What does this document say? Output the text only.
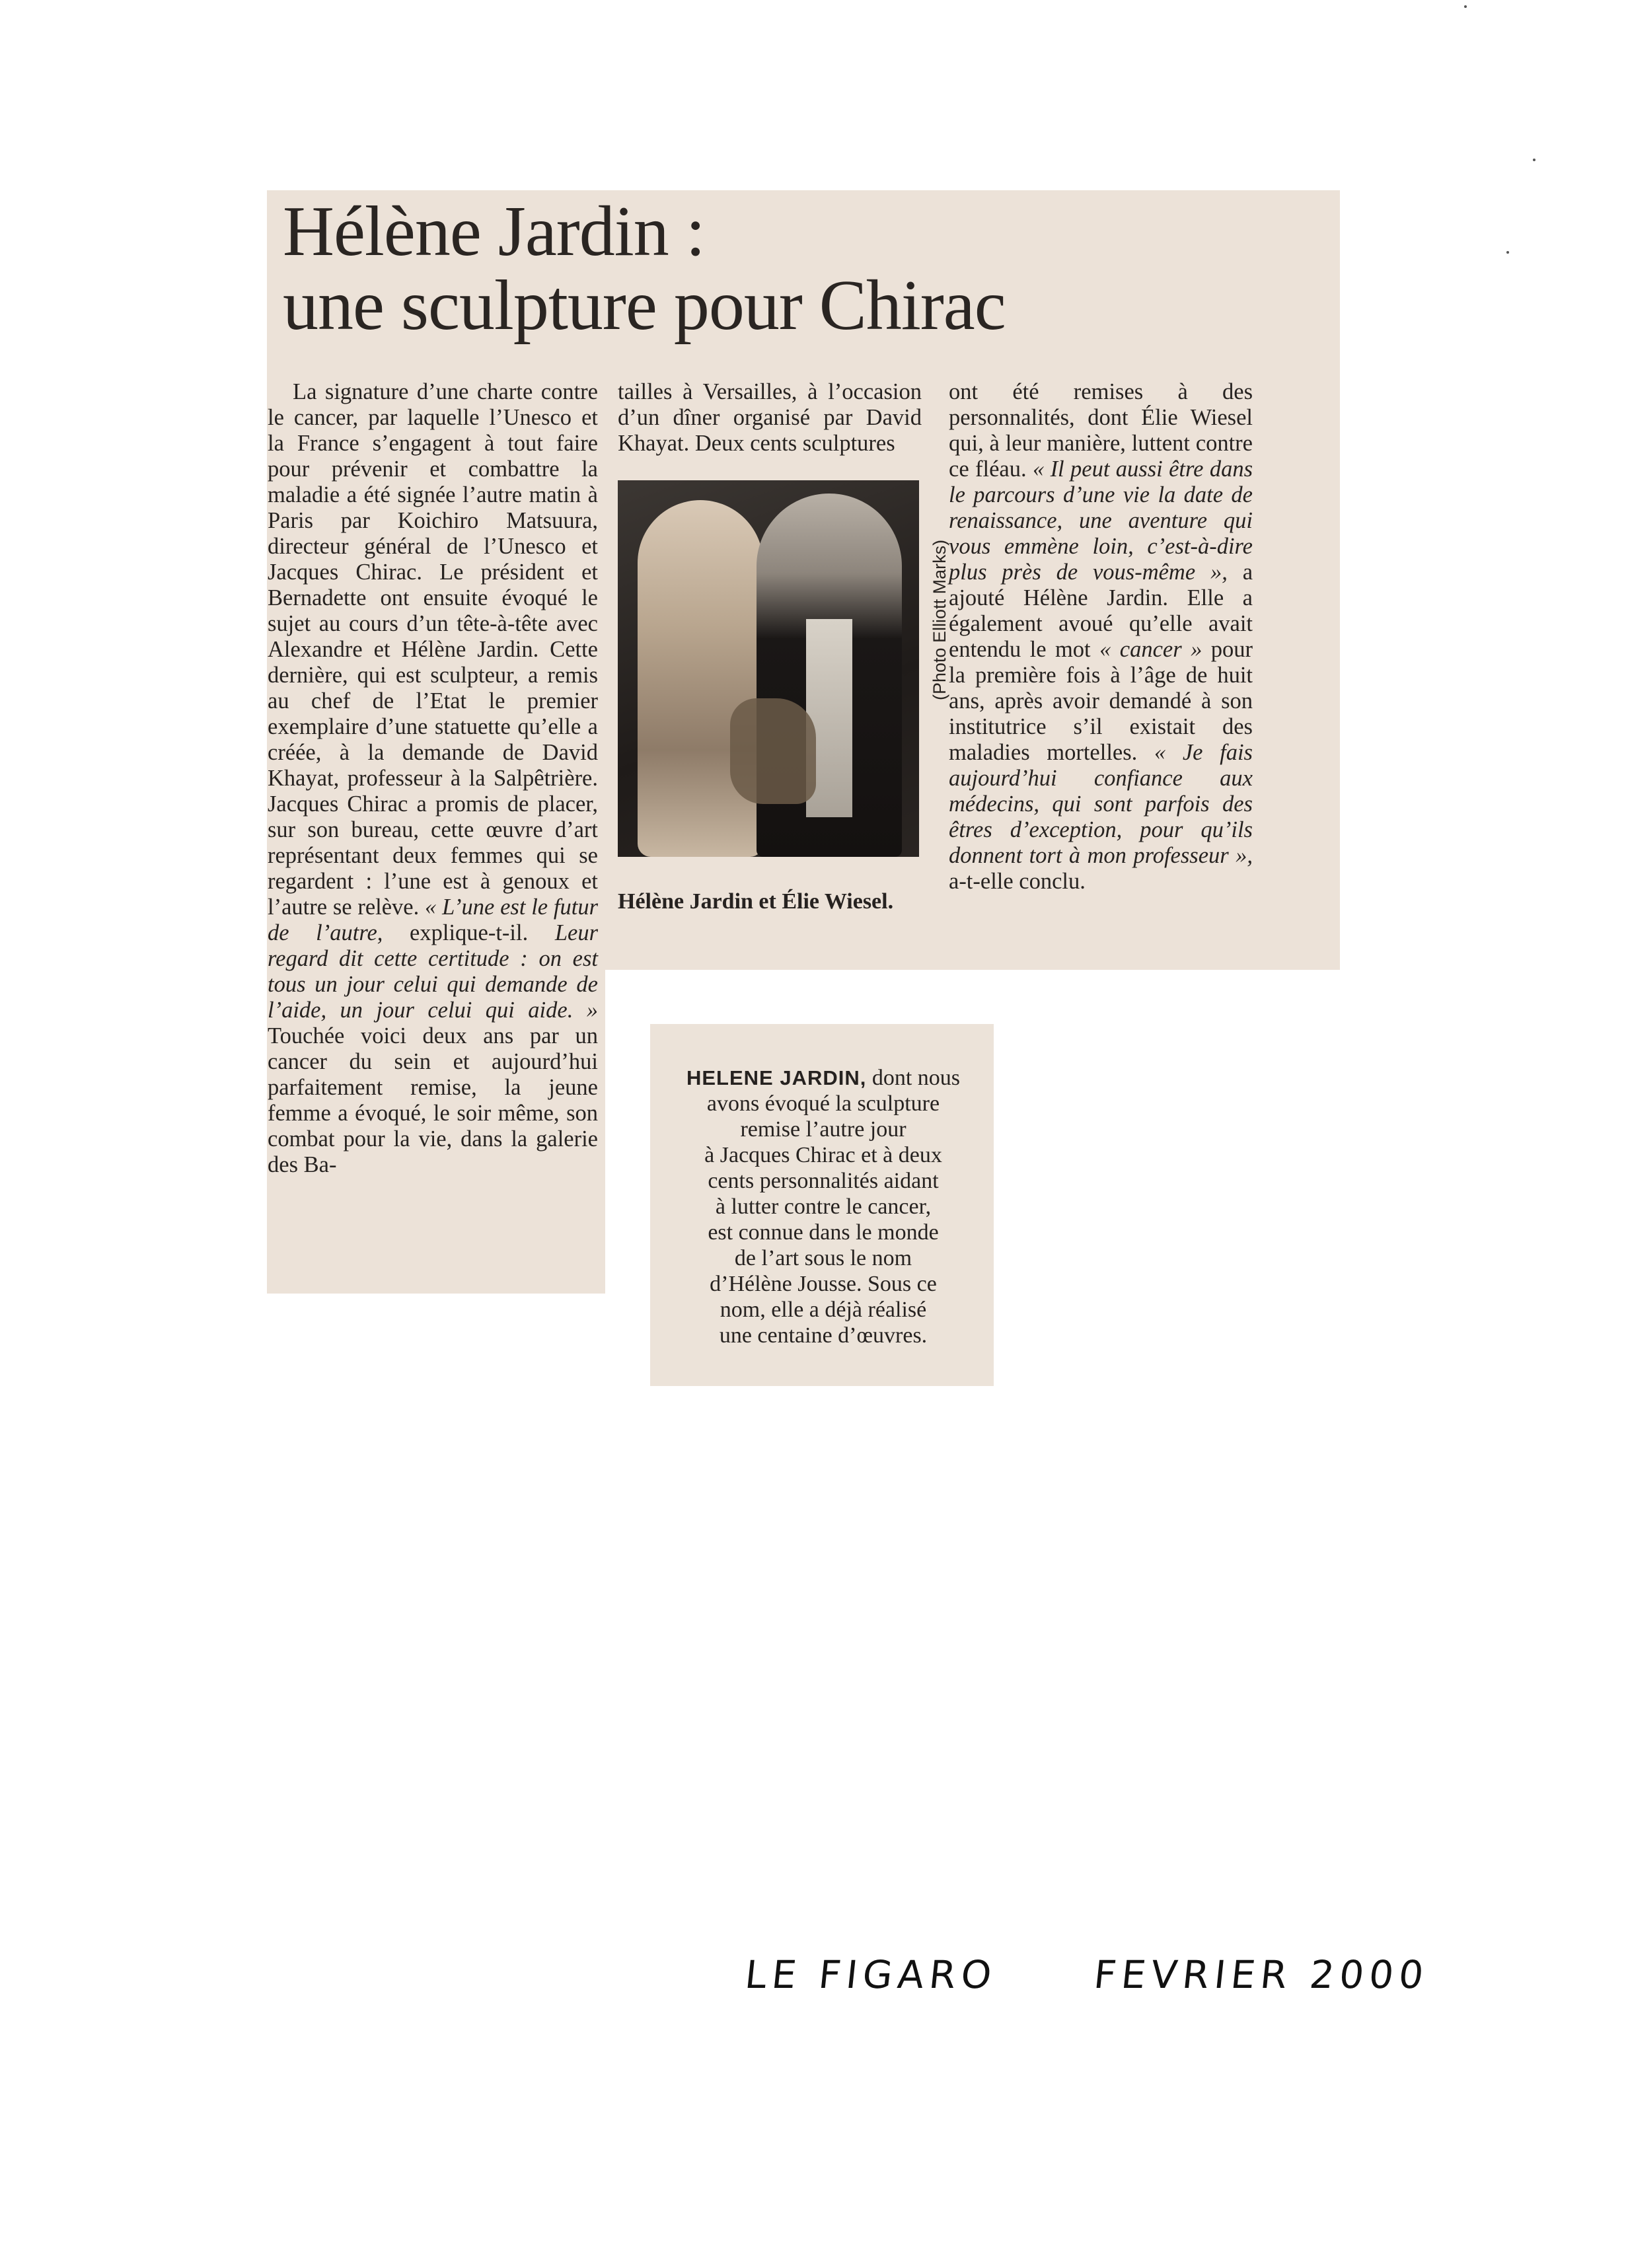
Hélène Jardin :
une sculpture pour Chirac

La signature d’une charte contre le cancer, par laquelle l’Unesco et la France s’engagent à tout faire pour prévenir et combattre la maladie a été signée l’autre matin à Paris par Koichiro Matsuura, directeur général de l’Unesco et Jacques Chirac. Le président et Bernadette ont ensuite évoqué le sujet au cours d’un tête-à-tête avec Alexandre et Hélène Jardin. Cette dernière, qui est sculpteur, a remis au chef de l’Etat le premier exemplaire d’une statuette qu’elle a créée, à la demande de David Khayat, professeur à la Salpêtrière. Jacques Chirac a promis de placer, sur son bureau, cette œuvre d’art représentant deux femmes qui se regardent : l’une est à genoux et l’autre se relève. « L’une est le futur de l’autre, explique-t-il. Leur regard dit cette certitude : on est tous un jour celui qui demande de l’aide, un jour celui qui aide. » Touchée voici deux ans par un cancer du sein et aujourd’hui parfaitement remise, la jeune femme a évoqué, le soir même, son combat pour la vie, dans la galerie des Ba-

tailles à Versailles, à l’occasion d’un dîner organisé par David Khayat. Deux cents sculptures

(Photo Elliott Marks)
Hélène Jardin et Élie Wiesel.

ont été remises à des personnalités, dont Élie Wiesel qui, à leur manière, luttent contre ce fléau. « Il peut aussi être dans le parcours d’une vie la date de renaissance, une aventure qui vous emmène loin, c’est-à-dire plus près de vous-même », a ajouté Hélène Jardin. Elle a également avoué qu’elle avait entendu le mot « cancer » pour la première fois à l’âge de huit ans, après avoir demandé à son institutrice s’il existait des maladies mortelles. « Je fais aujourd’hui confiance aux médecins, qui sont parfois des êtres d’exception, pour qu’ils donnent tort à mon professeur », a-t-elle conclu.

HELENE JARDIN, dont nous
avons évoqué la sculpture
remise l’autre jour
à Jacques Chirac et à deux
cents personnalités aidant
à lutter contre le cancer,
est connue dans le monde
de l’art sous le nom
d’Hélène Jousse. Sous ce
nom, elle a déjà réalisé
une centaine d’œuvres.
LE FIGARO FEVRIER 2000
